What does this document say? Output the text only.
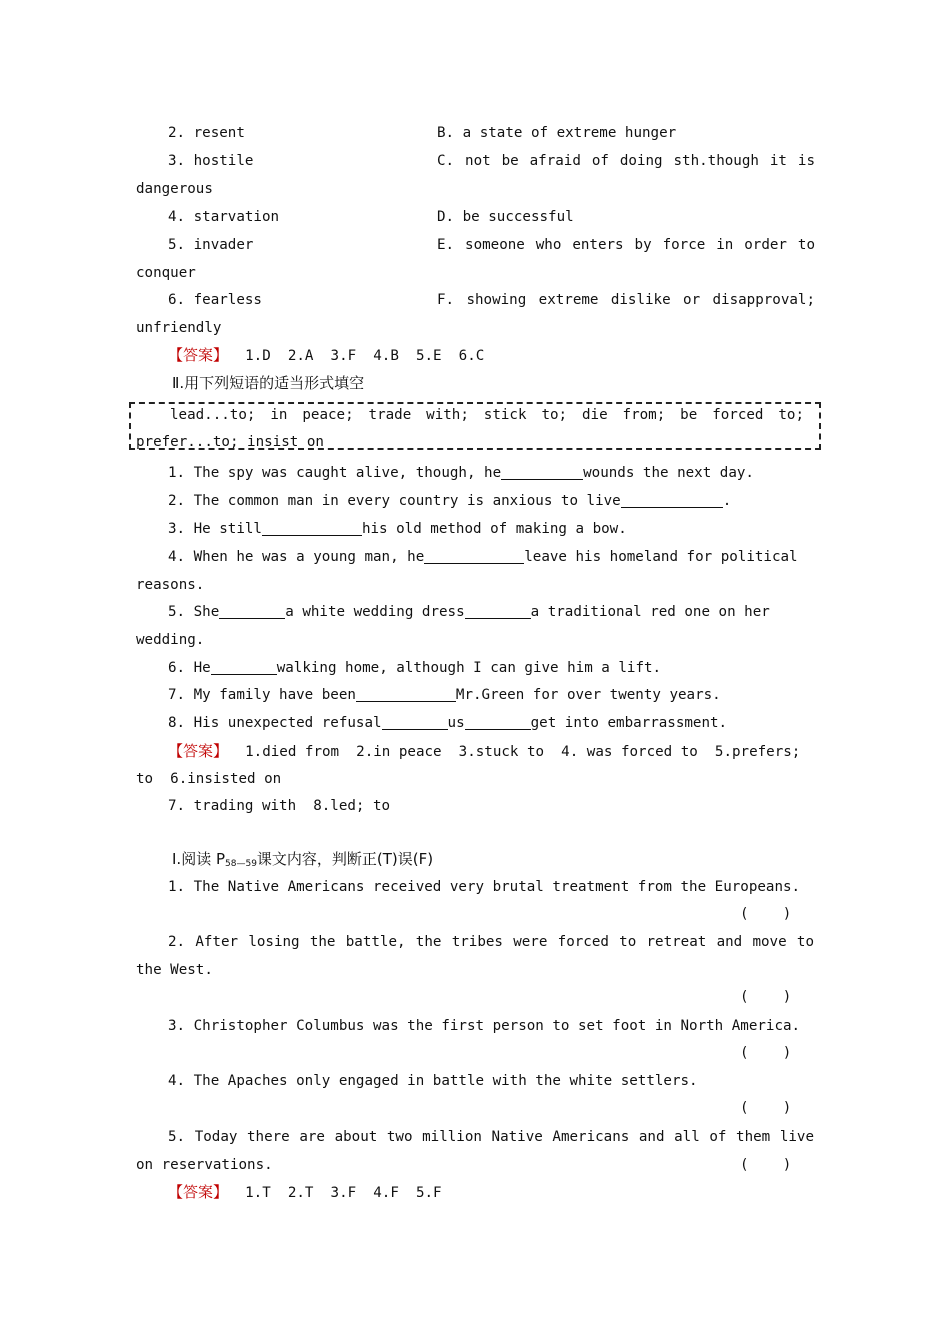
2. resent	B. a state of extreme hunger
3. hostile	C. not be afraid of doing sth.though it is
dangerous
4. starvation	D. be successful
5. invader	E. someone who enters by force in order to
conquer
6. fearless	F. showing extreme dislike or disapproval;
unfriendly
【答案】 1.D  2.A  3.F  4.B  5.E  6.C
Ⅱ.用下列短语的适当形式填空
lead...to; in peace; trade with; stick to; die from; be forced to;
prefer...to; insist on
1. The spy was caught alive, though, he	wounds the next day.
2. The common man in every country is anxious to live	.
3. He still	his old method of making a bow.
4. When he was a young man, he	leave his homeland for political
reasons.
5. She	a white wedding dress	a traditional red one on her
wedding.
6. He	walking home, although I can give him a lift.
7. My family have been	Mr.Green for over twenty years.
8. His unexpected refusal	us	get into embarrassment.
【答案】 1.died from  2.in peace  3.stuck to  4. was forced to  5.prefers;
to  6.insisted on
7. trading with  8.led; to
Ⅰ.阅读 $P_{58—59}$课文内容，判断正(T)误(F)
1. The Native Americans received very brutal treatment from the Europeans.
(    )
2. After losing the battle, the tribes were forced to retreat and move to
the West.
(    )
3. Christopher Columbus was the first person to set foot in North America.
(    )
4. The Apaches only engaged in battle with the white settlers.
(    )
5. Today there are about two million Native Americans and all of them live
on reservations.	(    )
【答案】 1.T  2.T  3.F  4.F  5.F
